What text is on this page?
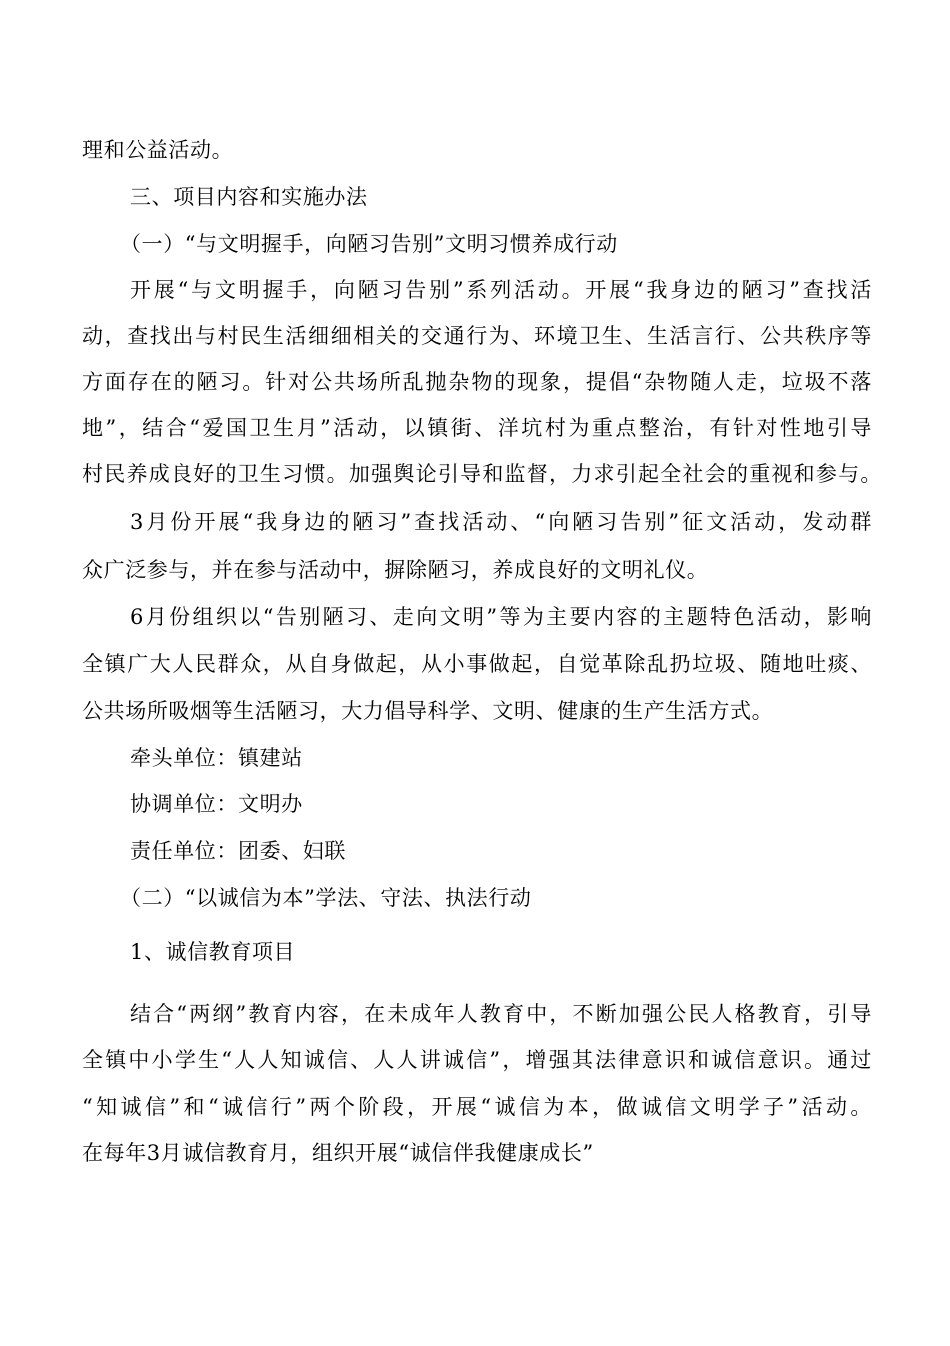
理和公益活动。
三、项目内容和实施办法
（一）“与文明握手，向陋习告别”文明习惯养成行动
开展“与文明握手，向陋习告别”系列活动。开展“我身边的陋习”查找活
动，查找出与村民生活细细相关的交通行为、环境卫生、生活言行、公共秩序等
方面存在的陋习。针对公共场所乱抛杂物的现象，提倡“杂物随人走，垃圾不落
地”，结合“爱国卫生月”活动，以镇街、洋坑村为重点整治，有针对性地引导
村民养成良好的卫生习惯。加强舆论引导和监督，力求引起全社会的重视和参与。
3月份开展“我身边的陋习”查找活动、“向陋习告别”征文活动，发动群
众广泛参与，并在参与活动中，摒除陋习，养成良好的文明礼仪。
6月份组织以“告别陋习、走向文明”等为主要内容的主题特色活动，影响
全镇广大人民群众，从自身做起，从小事做起，自觉革除乱扔垃圾、随地吐痰、
公共场所吸烟等生活陋习，大力倡导科学、文明、健康的生产生活方式。
牵头单位：镇建站
协调单位：文明办
责任单位：团委、妇联
（二）“以诚信为本”学法、守法、执法行动
1、诚信教育项目
结合“两纲”教育内容，在未成年人教育中，不断加强公民人格教育，引导
全镇中小学生“人人知诚信、人人讲诚信”，增强其法律意识和诚信意识。通过
“知诚信”和“诚信行”两个阶段，开展“诚信为本，做诚信文明学子”活动。
在每年3月诚信教育月，组织开展“诚信伴我健康成长”
